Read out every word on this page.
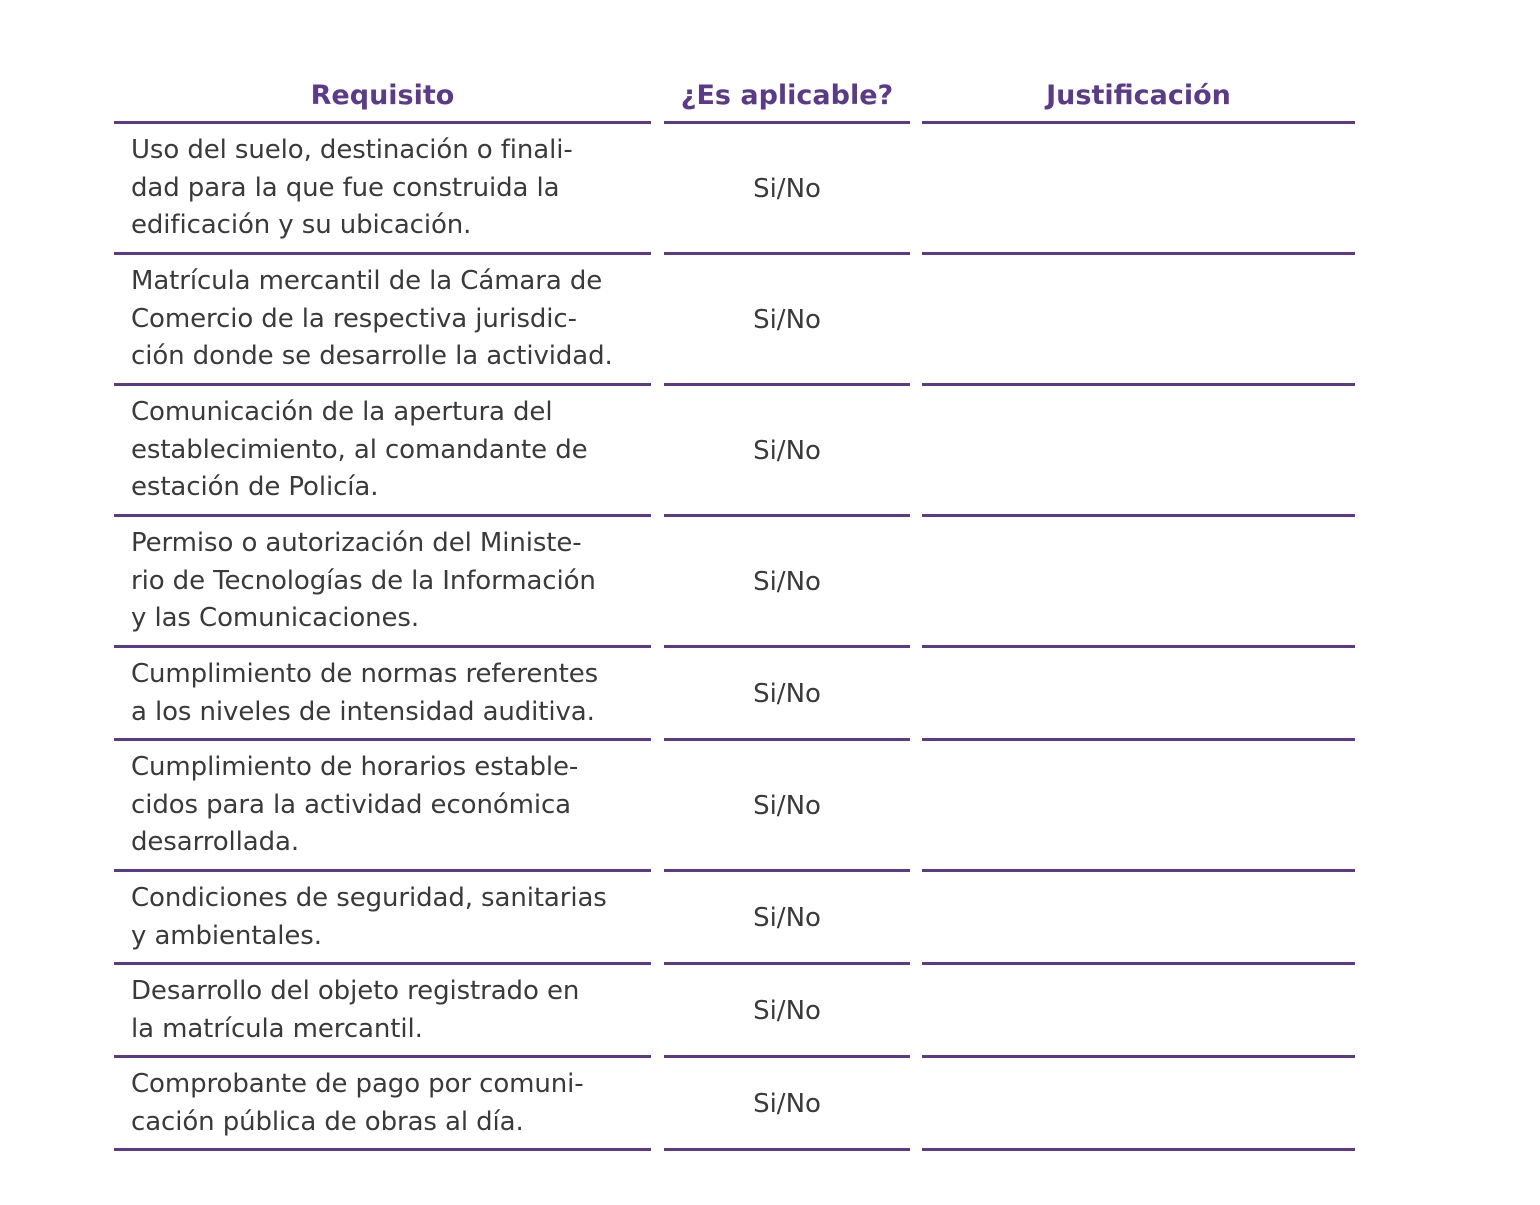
Requisito	¿Es aplicable?	Justificación
Uso del suelo, destinación o finali-
dad para la que fue construida la
edificación y su ubicación.
Si/No
Matrícula mercantil de la Cámara de
Comercio de la respectiva jurisdic-
ción donde se desarrolle la actividad.
Si/No
Comunicación de la apertura del
establecimiento, al comandante de
estación de Policía.
Si/No
Permiso o autorización del Ministe-
rio de Tecnologías de la Información
y las Comunicaciones.
Si/No
Cumplimiento de normas referentes
a los niveles de intensidad auditiva.
Si/No
Cumplimiento de horarios estable-
cidos para la actividad económica
desarrollada.
Si/No
Condiciones de seguridad, sanitarias
y ambientales.
Si/No
Desarrollo del objeto registrado en
la matrícula mercantil.
Si/No
Comprobante de pago por comuni-
cación pública de obras al día.
Si/No
